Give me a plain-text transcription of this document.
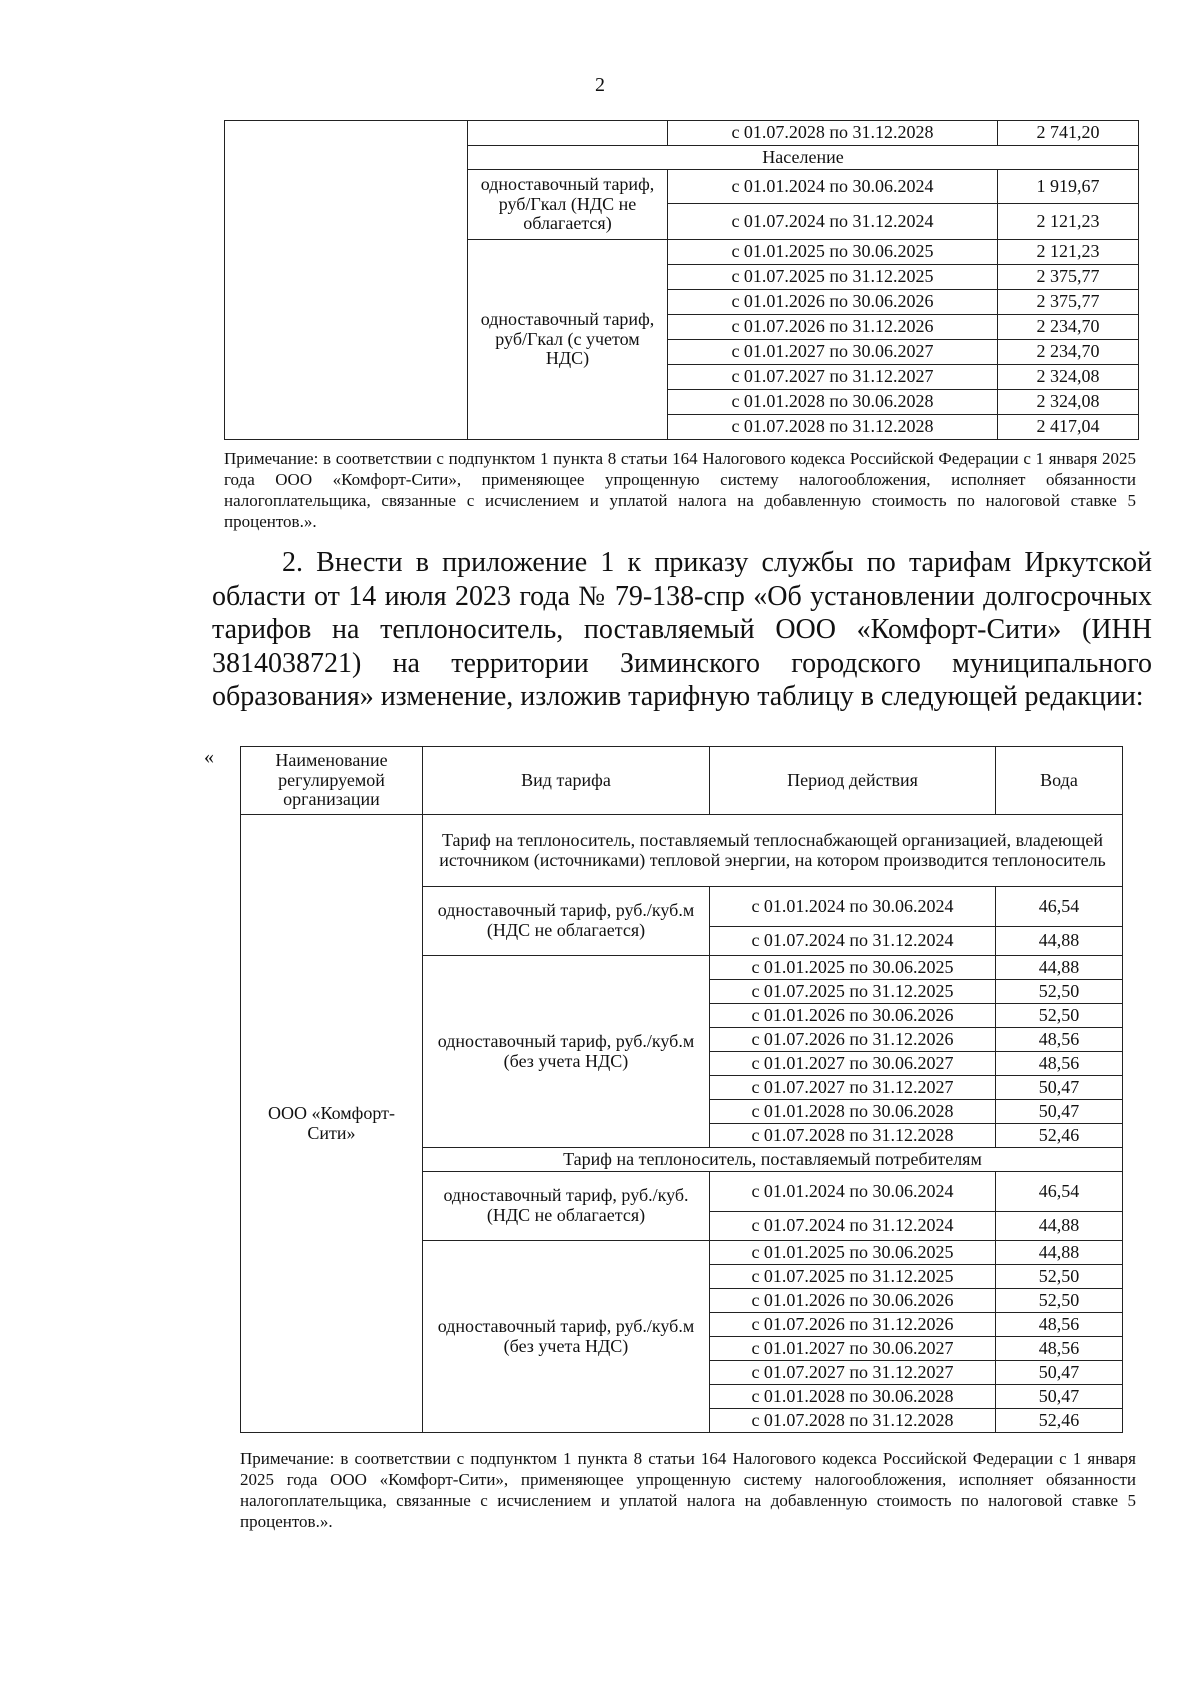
2
		с 01.07.2028 по 31.12.2028	2 741,20
	Население		
	одноставочный тариф, руб/Гкал (НДС не облагается)	с 01.01.2024 по 30.06.2024	1 919,67
		с 01.07.2024 по 31.12.2024	2 121,23
	одноставочный тариф, руб/Гкал (с учетом НДС)	с 01.01.2025 по 30.06.2025	2 121,23
		с 01.07.2025 по 31.12.2025	2 375,77
		с 01.01.2026 по 30.06.2026	2 375,77
		с 01.07.2026 по 31.12.2026	2 234,70
		с 01.01.2027 по 30.06.2027	2 234,70
		с 01.07.2027 по 31.12.2027	2 324,08
		с 01.01.2028 по 30.06.2028	2 324,08
		с 01.07.2028 по 31.12.2028	2 417,04
Примечание: в соответствии с подпунктом 1 пункта 8 статьи 164 Налогового кодекса Российской Федерации с 1 января 2025 года ООО «Комфорт-Сити», применяющее упрощенную систему налогообложения, исполняет обязанности налогоплательщика, связанные с исчислением и уплатой налога на добавленную стоимость по налоговой ставке 5 процентов.».
2. Внести в приложение 1 к приказу службы по тарифам Иркутской области от 14 июля 2023 года № 79-138-спр «Об установлении долгосрочных тарифов на теплоноситель, поставляемый ООО «Комфорт-Сити» (ИНН 3814038721) на территории Зиминского городского муниципального образования» изменение, изложив тарифную таблицу в следующей редакции:
«	Наименование регулируемой организации	Вид тарифа	Период действия	Вода
ООО «Комфорт-Сити»	Тариф на теплоноситель, поставляемый теплоснабжающей организацией, владеющей источником (источниками) тепловой энергии, на котором производится теплоноситель		
	одноставочный тариф, руб./куб.м (НДС не облагается)	с 01.01.2024 по 30.06.2024	46,54
		с 01.07.2024 по 31.12.2024	44,88
	одноставочный тариф, руб./куб.м (без учета НДС)	с 01.01.2025 по 30.06.2025	44,88
		с 01.07.2025 по 31.12.2025	52,50
		с 01.01.2026 по 30.06.2026	52,50
		с 01.07.2026 по 31.12.2026	48,56
		с 01.01.2027 по 30.06.2027	48,56
		с 01.07.2027 по 31.12.2027	50,47
		с 01.01.2028 по 30.06.2028	50,47
		с 01.07.2028 по 31.12.2028	52,46
	Тариф на теплоноситель, поставляемый потребителям		
	одноставочный тариф, руб./куб. (НДС не облагается)	с 01.01.2024 по 30.06.2024	46,54
		с 01.07.2024 по 31.12.2024	44,88
	одноставочный тариф, руб./куб.м (без учета НДС)	с 01.01.2025 по 30.06.2025	44,88
		с 01.07.2025 по 31.12.2025	52,50
		с 01.01.2026 по 30.06.2026	52,50
		с 01.07.2026 по 31.12.2026	48,56
		с 01.01.2027 по 30.06.2027	48,56
		с 01.07.2027 по 31.12.2027	50,47
		с 01.01.2028 по 30.06.2028	50,47
		с 01.07.2028 по 31.12.2028	52,46
Примечание: в соответствии с подпунктом 1 пункта 8 статьи 164 Налогового кодекса Российской Федерации с 1 января 2025 года ООО «Комфорт-Сити», применяющее упрощенную систему налогообложения, исполняет обязанности налогоплательщика, связанные с исчислением и уплатой налога на добавленную стоимость по налоговой ставке 5 процентов.».
